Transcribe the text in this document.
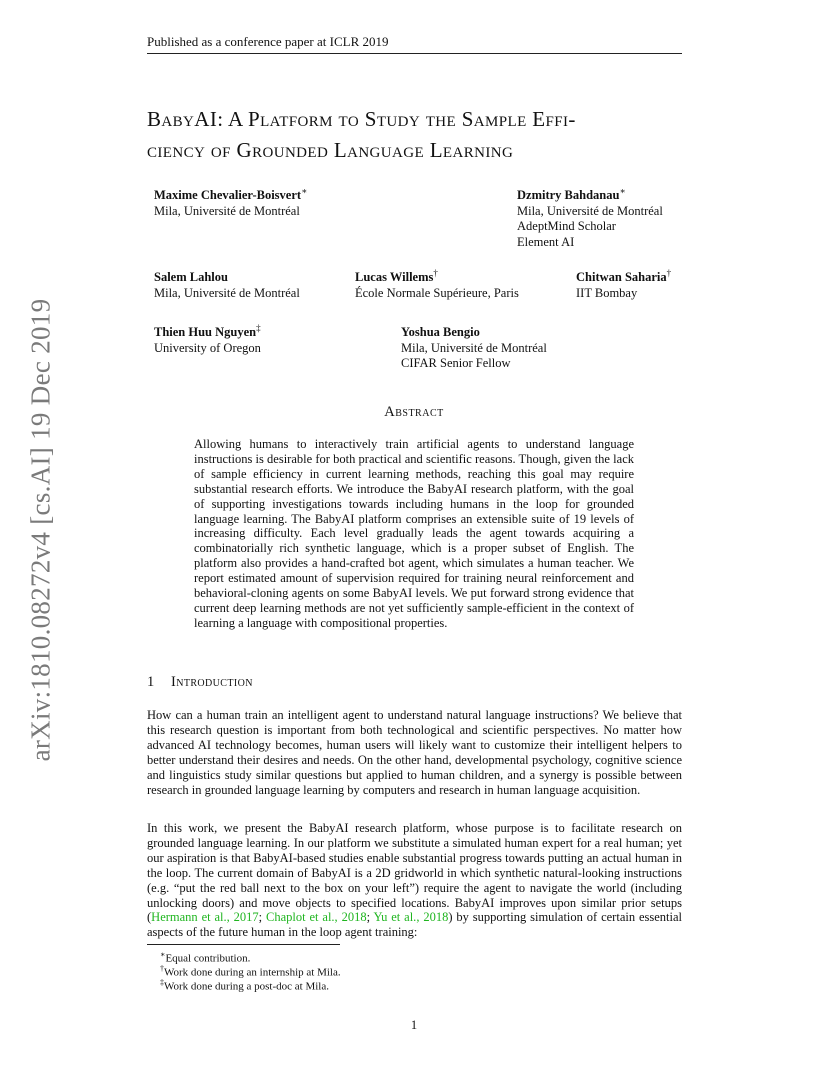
Published as a conference paper at ICLR 2019
BabyAI: A Platform to Study the Sample Effi-
ciency of Grounded Language Learning
Maxime Chevalier-Boisvert∗
Mila, Université de Montréal
Dzmitry Bahdanau∗
Mila, Université de Montréal
AdeptMind Scholar
Element AI
Salem Lahlou
Mila, Université de Montréal
Lucas Willems†
École Normale Supérieure, Paris
Chitwan Saharia†
IIT Bombay
Thien Huu Nguyen‡
University of Oregon
Yoshua Bengio
Mila, Université de Montréal
CIFAR Senior Fellow
Abstract
Allowing humans to interactively train artificial agents to understand language instructions is desirable for both practical and scientific reasons. Though, given the lack of sample efficiency in current learning methods, reaching this goal may require substantial research efforts. We introduce the BabyAI research platform, with the goal of supporting investigations towards including humans in the loop for grounded language learning. The BabyAI platform comprises an extensible suite of 19 levels of increasing difficulty. Each level gradually leads the agent towards acquiring a combinatorially rich synthetic language, which is a proper subset of English. The platform also provides a hand-crafted bot agent, which simulates a human teacher. We report estimated amount of supervision required for training neural reinforcement and behavioral-cloning agents on some BabyAI levels. We put forward strong evidence that current deep learning methods are not yet sufficiently sample-efficient in the context of learning a language with compositional properties.
1 Introduction
How can a human train an intelligent agent to understand natural language instructions? We believe that this research question is important from both technological and scientific perspectives. No matter how advanced AI technology becomes, human users will likely want to customize their intelligent helpers to better understand their desires and needs. On the other hand, developmental psychology, cognitive science and linguistics study similar questions but applied to human children, and a synergy is possible between research in grounded language learning by computers and research in human language acquisition.
In this work, we present the BabyAI research platform, whose purpose is to facilitate research on grounded language learning. In our platform we substitute a simulated human expert for a real human; yet our aspiration is that BabyAI-based studies enable substantial progress towards putting an actual human in the loop. The current domain of BabyAI is a 2D gridworld in which synthetic natural-looking instructions (e.g. “put the red ball next to the box on your left”) require the agent to navigate the world (including unlocking doors) and move objects to specified locations. BabyAI improves upon similar prior setups (Hermann et al., 2017; Chaplot et al., 2018; Yu et al., 2018) by supporting simulation of certain essential aspects of the future human in the loop agent training:
∗Equal contribution.
†Work done during an internship at Mila.
‡Work done during a post-doc at Mila.
1
arXiv:1810.08272v4 [cs.AI] 19 Dec 2019
